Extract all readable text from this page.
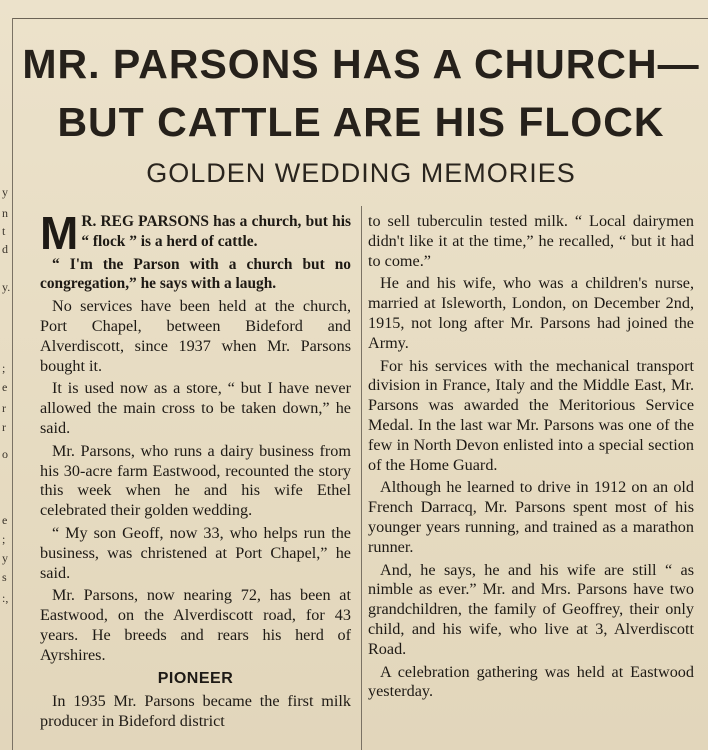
y
n
t
d
y.
;
e
r
r
o
e
;
y
s
:,
MR. PARSONS HAS A CHURCH—
BUT CATTLE ARE HIS FLOCK
GOLDEN WEDDING MEMORIES

M R. REG PARSONS has a church, but his “ flock ” is a herd of cattle.

“ I'm the Parson with a church but no congregation,” he says with a laugh.

No services have been held at the church, Port Chapel, between Bideford and Alverdiscott, since 1937 when Mr. Parsons bought it.

It is used now as a store, “ but I have never allowed the main cross to be taken down,” he said.

Mr. Parsons, who runs a dairy business from his 30-acre farm Eastwood, recounted the story this week when he and his wife Ethel celebrated their golden wedding.

“ My son Geoff, now 33, who helps run the business, was christened at Port Chapel,” he said.

Mr. Parsons, now nearing 72, has been at Eastwood, on the Alverdiscott road, for 43 years. He breeds and rears his herd of Ayrshires.

PIONEER

In 1935 Mr. Parsons became the first milk producer in Bideford district

to sell tuberculin tested milk. “ Local dairymen didn't like it at the time,” he recalled, “ but it had to come.”

He and his wife, who was a children's nurse, married at Isleworth, London, on December 2nd, 1915, not long after Mr. Parsons had joined the Army.

For his services with the mechanical transport division in France, Italy and the Middle East, Mr. Parsons was awarded the Meritorious Service Medal. In the last war Mr. Parsons was one of the few in North Devon enlisted into a special section of the Home Guard.

Although he learned to drive in 1912 on an old French Darracq, Mr. Parsons spent most of his younger years running, and trained as a marathon runner.

And, he says, he and his wife are still “ as nimble as ever.” Mr. and Mrs. Parsons have two grandchildren, the family of Geoffrey, their only child, and his wife, who live at 3, Alverdiscott Road.

A celebration gathering was held at Eastwood yesterday.
